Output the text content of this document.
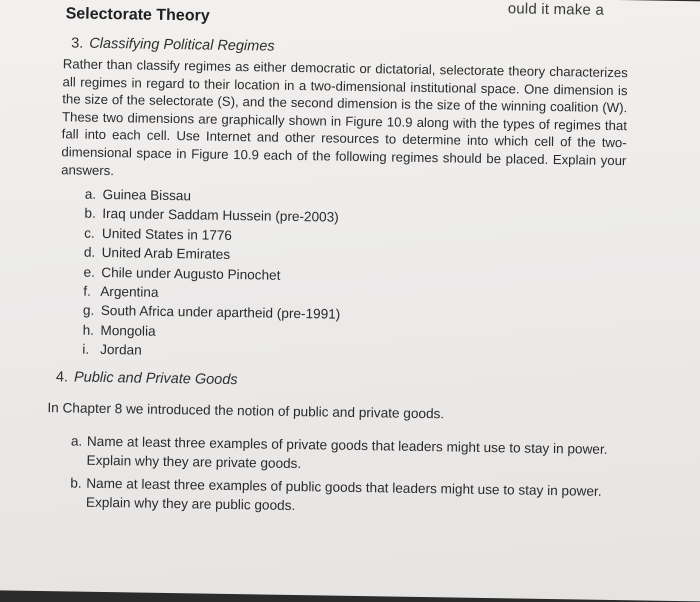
ould it make a
Selectorate Theory
3. Classifying Political Regimes
Rather than classify regimes as either democratic or dictatorial, selectorate theory characterizes all regimes in regard to their location in a two-dimensional institutional space. One dimension is the size of the selectorate (S), and the second dimension is the size of the winning coalition (W). These two dimensions are graphically shown in Figure 10.9 along with the types of regimes that fall into each cell. Use Internet and other resources to determine into which cell of the two-dimensional space in Figure 10.9 each of the following regimes should be placed. Explain your answers.
a. Guinea Bissau
b. Iraq under Saddam Hussein (pre-2003)
c. United States in 1776
d. United Arab Emirates
e. Chile under Augusto Pinochet
f. Argentina
g. South Africa under apartheid (pre-1991)
h. Mongolia
i. Jordan
4. Public and Private Goods
In Chapter 8 we introduced the notion of public and private goods.
a. Name at least three examples of private goods that leaders might use to stay in power. Explain why they are private goods.
b. Name at least three examples of public goods that leaders might use to stay in power. Explain why they are public goods.
